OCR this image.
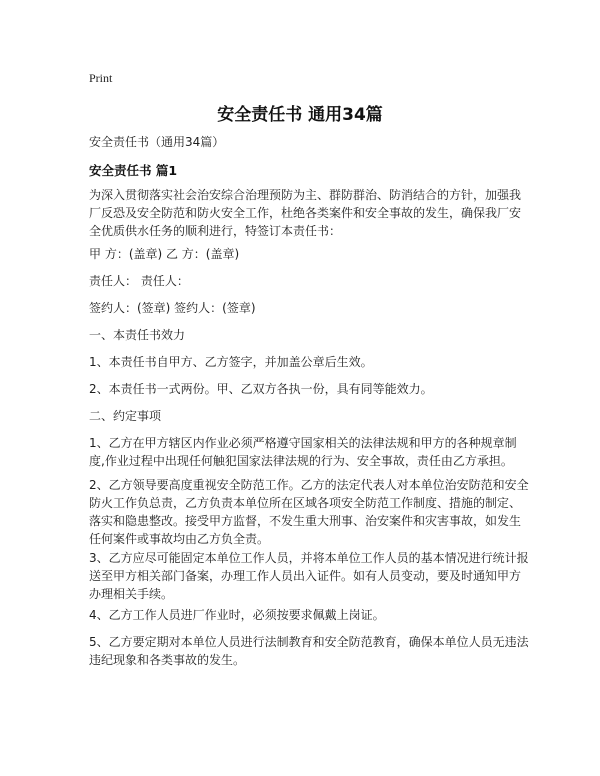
Print
安全责任书 通用34篇
安全责任书（通用34篇）
安全责任书 篇1
为深入贯彻落实社会治安综合治理预防为主、群防群治、防消结合的方针，加强我厂反恐及安全防范和防火安全工作，杜绝各类案件和安全事故的发生，确保我厂安全优质供水任务的顺利进行，特签订本责任书：
甲 方：(盖章) 乙 方：(盖章)
责任人： 责任人：
签约人：(签章) 签约人：(签章)
一、本责任书效力
1、本责任书自甲方、乙方签字，并加盖公章后生效。
2、本责任书一式两份。甲、乙双方各执一份，具有同等能效力。
二、约定事项
1、乙方在甲方辖区内作业必须严格遵守国家相关的法律法规和甲方的各种规章制度,作业过程中出现任何触犯国家法律法规的行为、安全事故，责任由乙方承担。
2、乙方领导要高度重视安全防范工作。乙方的法定代表人对本单位治安防范和安全防火工作负总责，乙方负责本单位所在区域各项安全防范工作制度、措施的制定、落实和隐患整改。接受甲方监督，不发生重大刑事、治安案件和灾害事故，如发生任何案件或事故均由乙方负全责。
3、乙方应尽可能固定本单位工作人员，并将本单位工作人员的基本情况进行统计报送至甲方相关部门备案，办理工作人员出入证件。如有人员变动，要及时通知甲方办理相关手续。
4、乙方工作人员进厂作业时，必须按要求佩戴上岗证。
5、乙方要定期对本单位人员进行法制教育和安全防范教育，确保本单位人员无违法违纪现象和各类事故的发生。
